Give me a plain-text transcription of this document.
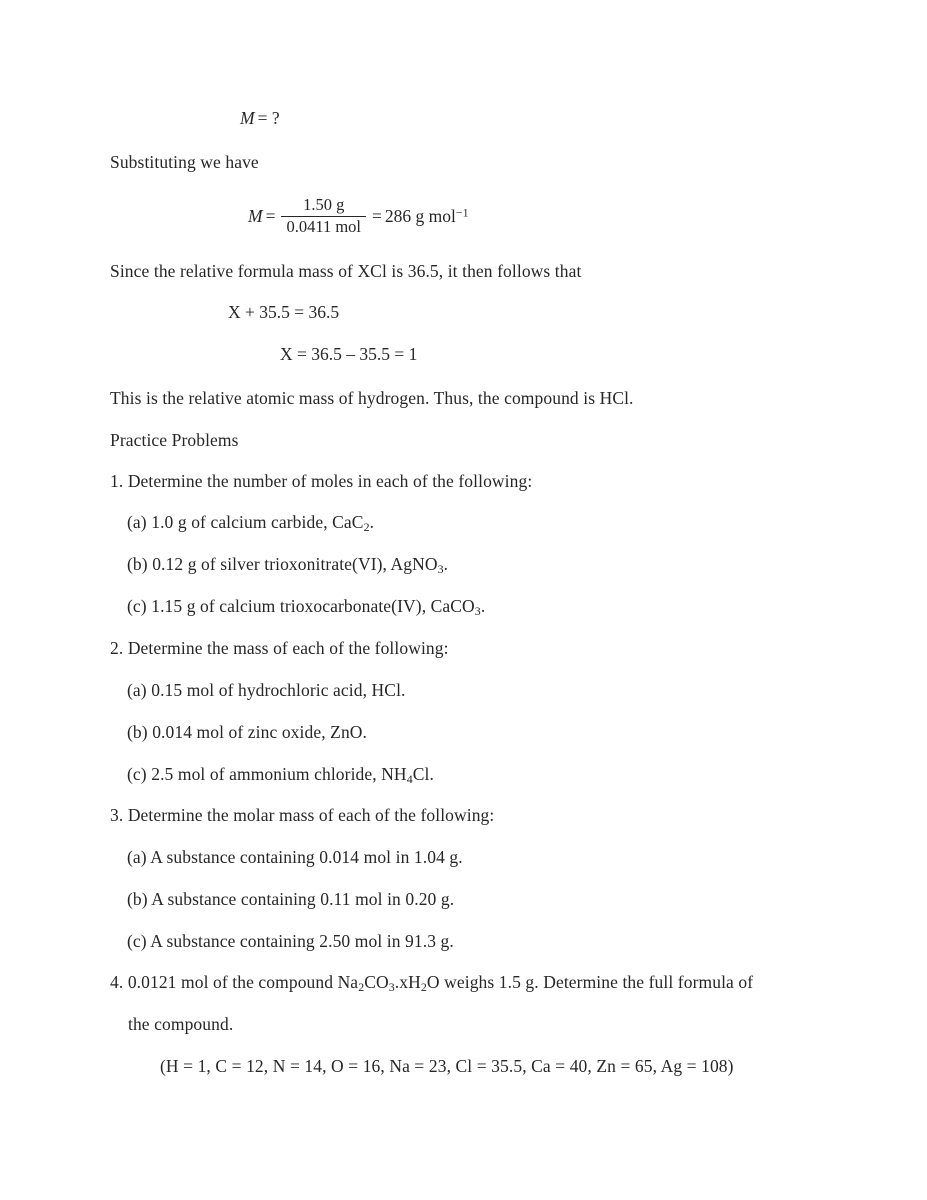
M = ?
Substituting we have
$M = \frac{1.50 g}{\text{0.0411 mol}} = 286$ g mol$^{-1}$
Since the relative formula mass of XCl is 36.5, it then follows that
X + 35.5 = 36.5
X = 36.5 – 35.5 = 1
This is the relative atomic mass of hydrogen. Thus, the compound is HCl.
Practice Problems
1. Determine the number of moles in each of the following:
(a) 1.0 g of calcium carbide, CaC$_2$.
(b) 0.12 g of silver trioxonitrate(VI), AgNO$_3$.
(c) 1.15 g of calcium trioxocarbonate(IV), CaCO$_3$.
2. Determine the mass of each of the following:
(a) 0.15 mol of hydrochloric acid, HCl.
(b) 0.014 mol of zinc oxide, ZnO.
(c) 2.5 mol of ammonium chloride, $NH_4Cl$.
3. Determine the molar mass of each of the following:
(a) A substance containing 0.014 mol in 1.04 g.
(b) A substance containing 0.11 mol in 0.20 g.
(c) A substance containing 2.50 mol in 91.3 g.
4. 0.0121 mol of the compound $Na_2CO_3.xH_2O$ weighs 1.5 g. Determine the full formula of
the compound.
(H = 1, C = 12, N = 14, O = 16, Na = 23, Cl = 35.5, Ca = 40, Zn = 65, Ag = 108)
